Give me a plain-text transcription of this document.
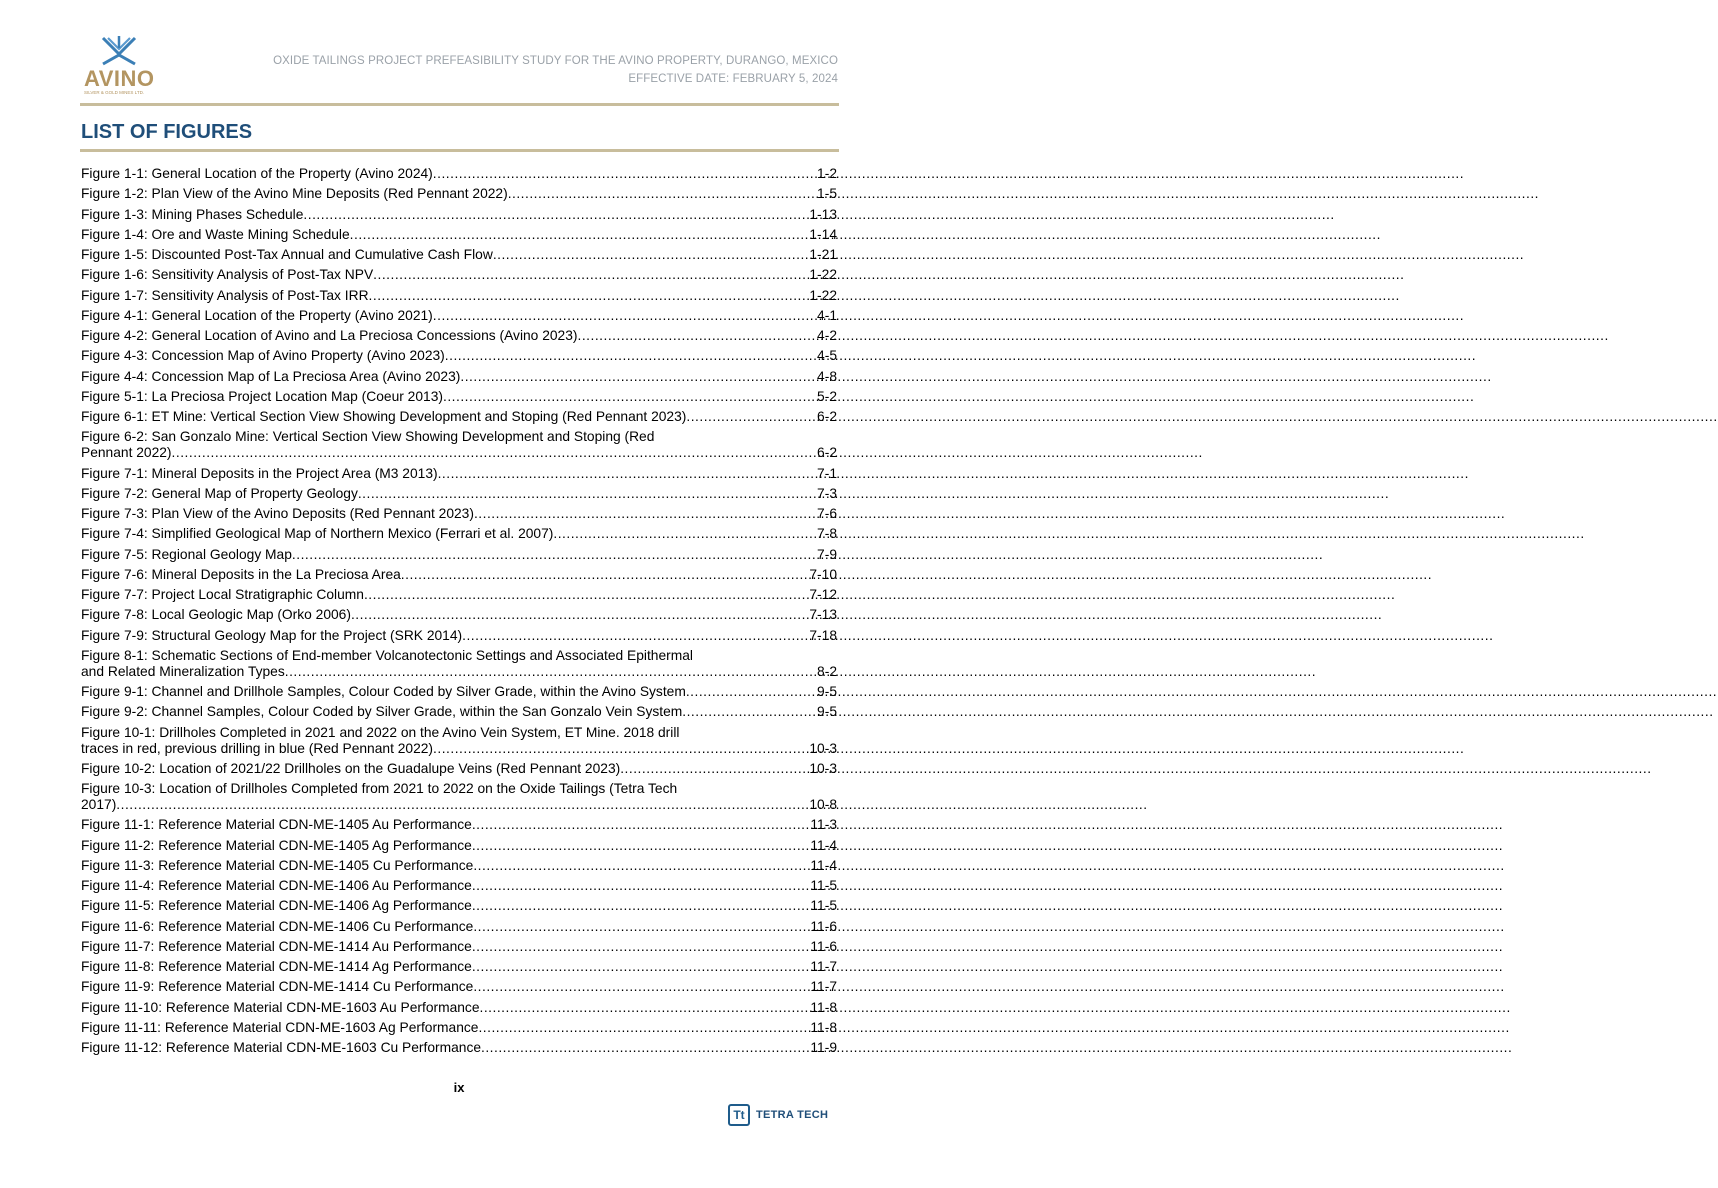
AVINO
SILVER & GOLD MINES LTD.
OXIDE TAILINGS PROJECT PREFEASIBILITY STUDY FOR THE AVINO PROPERTY, DURANGO, MEXICO
EFFECTIVE DATE: FEBRUARY 5, 2024
LIST OF FIGURES
Figure 1-1: General Location of the Property (Avino 2024) .....	1-2
Figure 1-2: Plan View of the Avino Mine Deposits (Red Pennant 2022) .....	1-5
Figure 1-3: Mining Phases Schedule .....	1-13
Figure 1-4: Ore and Waste Mining Schedule .....	1-14
Figure 1-5: Discounted Post-Tax Annual and Cumulative Cash Flow .....	1-21
Figure 1-6: Sensitivity Analysis of Post-Tax NPV .....	1-22
Figure 1-7: Sensitivity Analysis of Post-Tax IRR .....	1-22
Figure 4-1: General Location of the Property (Avino 2021) .....	4-1
Figure 4-2: General Location of Avino and La Preciosa Concessions (Avino 2023) .....	4-2
Figure 4-3: Concession Map of Avino Property (Avino 2023) .....	4-5
Figure 4-4: Concession Map of La Preciosa Area (Avino 2023) .....	4-8
Figure 5-1: La Preciosa Project Location Map (Coeur 2013) .....	5-2
Figure 6-1: ET Mine: Vertical Section View Showing Development and Stoping (Red Pennant 2023) .....	6-2
Figure 6-2: San Gonzalo Mine: Vertical Section View Showing Development and Stoping (Red
Pennant 2022) .....	6-2
Figure 7-1: Mineral Deposits in the Project Area (M3 2013) .....	7-1
Figure 7-2: General Map of Property Geology .....	7-3
Figure 7-3: Plan View of the Avino Deposits (Red Pennant 2023) .....	7-6
Figure 7-4: Simplified Geological Map of Northern Mexico (Ferrari et al. 2007) .....	7-8
Figure 7-5: Regional Geology Map .....	7-9
Figure 7-6: Mineral Deposits in the La Preciosa Area .....	7-10
Figure 7-7: Project Local Stratigraphic Column .....	7-12
Figure 7-8: Local Geologic Map (Orko 2006) .....	7-13
Figure 7-9: Structural Geology Map for the Project (SRK 2014) .....	7-18
Figure 8-1: Schematic Sections of End-member Volcanotectonic Settings and Associated Epithermal
and Related Mineralization Types .....	8-2
Figure 9-1: Channel and Drillhole Samples, Colour Coded by Silver Grade, within the Avino System .....	9-5
Figure 9-2: Channel Samples, Colour Coded by Silver Grade, within the San Gonzalo Vein System .....	9-5
Figure 10-1: Drillholes Completed in 2021 and 2022 on the Avino Vein System, ET Mine. 2018 drill
traces in red, previous drilling in blue (Red Pennant 2022) .....	10-3
Figure 10-2: Location of 2021/22 Drillholes on the Guadalupe Veins (Red Pennant 2023) .....	10-3
Figure 10-3: Location of Drillholes Completed from 2021 to 2022 on the Oxide Tailings (Tetra Tech
2017) .....	10-8
Figure 11-1: Reference Material CDN-ME-1405 Au Performance .....	11-3
Figure 11-2: Reference Material CDN-ME-1405 Ag Performance .....	11-4
Figure 11-3: Reference Material CDN-ME-1405 Cu Performance .....	11-4
Figure 11-4: Reference Material CDN-ME-1406 Au Performance .....	11-5
Figure 11-5: Reference Material CDN-ME-1406 Ag Performance .....	11-5
Figure 11-6: Reference Material CDN-ME-1406 Cu Performance .....	11-6
Figure 11-7: Reference Material CDN-ME-1414 Au Performance .....	11-6
Figure 11-8: Reference Material CDN-ME-1414 Ag Performance .....	11-7
Figure 11-9: Reference Material CDN-ME-1414 Cu Performance .....	11-7
Figure 11-10: Reference Material CDN-ME-1603 Au Performance .....	11-8
Figure 11-11: Reference Material CDN-ME-1603 Ag Performance .....	11-8
Figure 11-12: Reference Material CDN-ME-1603 Cu Performance .....	11-9
ix
Tt	TETRA TECH
